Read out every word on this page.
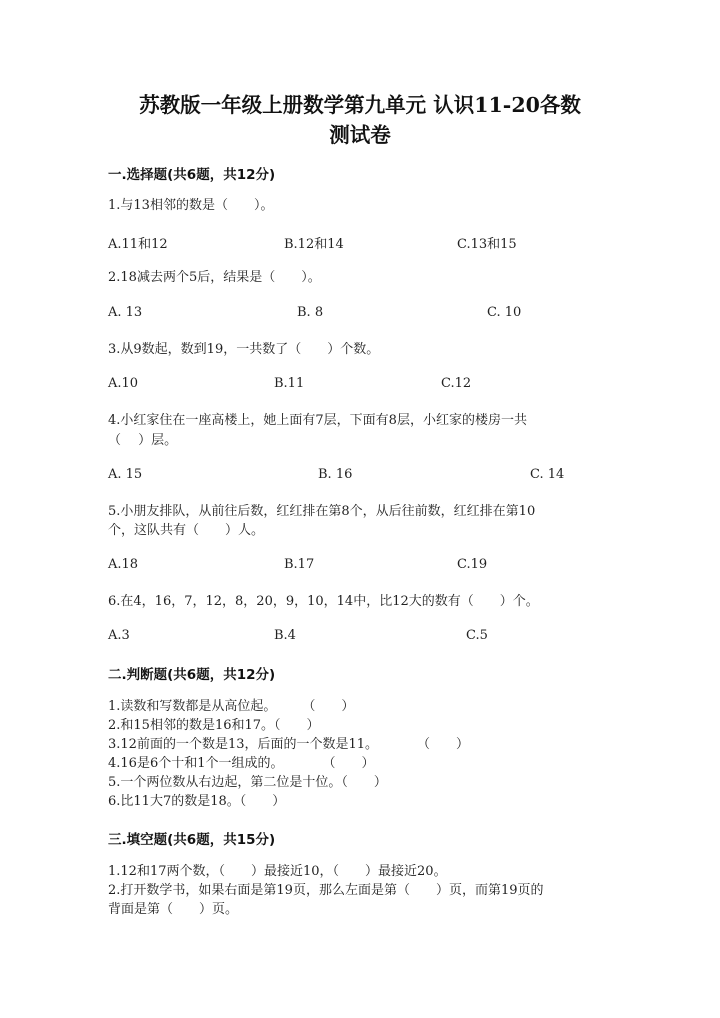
苏教版一年级上册数学第九单元 认识11-20各数
测试卷
一.选择题(共6题，共12分)
1.与13相邻的数是（　　）。
A.11和12	B.12和14	C.13和15
2.18减去两个5后，结果是（　　）。
A. 13	B. 8	C. 10
3.从9数起，数到19，一共数了（　　）个数。
A.10	B.11	C.12
4.小红家住在一座高楼上，她上面有7层，下面有8层，小红家的楼房一共
（　 ）层。
A. 15	B. 16	C. 14
5.小朋友排队，从前往后数，红红排在第8个，从后往前数，红红排在第10
个，这队共有（　　）人。
A.18	B.17	C.19
6.在4，16，7，12，8，20，9，10，14中，比12大的数有（　　）个。
A.3	B.4	C.5
二.判断题(共6题，共12分)
1.读数和写数都是从高位起。　　　（　　）
2.和15相邻的数是16和17。（　　）
3.12前面的一个数是13，后面的一个数是11。　　　　（　　）
4.16是6个十和1个一组成的。　　　　（　　）
5.一个两位数从右边起，第二位是十位。（　　）
6.比11大7的数是18。（　　）
三.填空题(共6题，共15分)
1.12和17两个数，（　　）最接近10，（　　）最接近20。
2.打开数学书，如果右面是第19页，那么左面是第（　　）页，而第19页的
背面是第（　　）页。
